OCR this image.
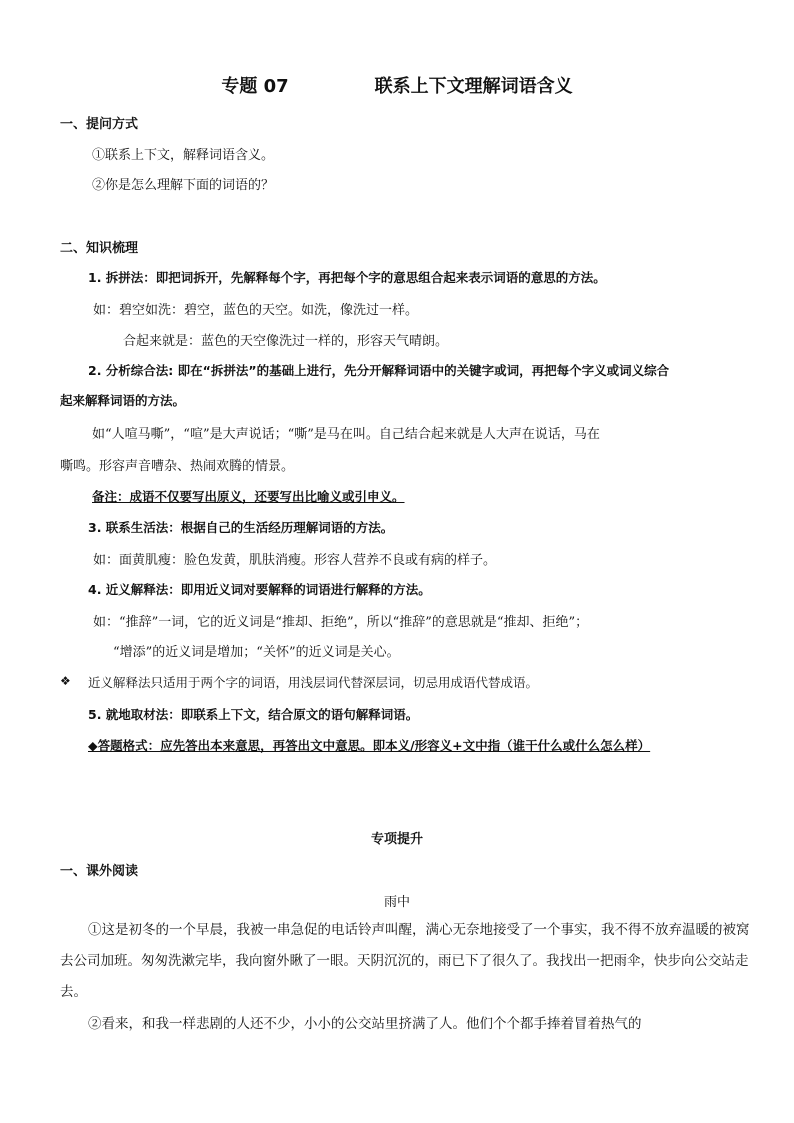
专题 07	联系上下文理解词语含义
一、提问方式
①联系上下文，解释词语含义。
②你是怎么理解下面的词语的？
二、知识梳理
1. 拆拼法：即把词拆开，先解释每个字，再把每个字的意思组合起来表示词语的意思的方法。
如：碧空如洗：碧空，蓝色的天空。如洗，像洗过一样。
合起来就是：蓝色的天空像洗过一样的，形容天气晴朗。
2. 分析综合法: 即在“拆拼法”的基础上进行，先分开解释词语中的关键字或词，再把每个字义或词义综合
起来解释词语的方法。
如“人喧马嘶”，“喧”是大声说话；“嘶”是马在叫。自己结合起来就是人大声在说话，马在
嘶鸣。形容声音嘈杂、热闹欢腾的情景。
备注：成语不仅要写出原义，还要写出比喻义或引申义。
3. 联系生活法：根据自己的生活经历理解词语的方法。
如：面黄肌瘦：脸色发黄，肌肤消瘦。形容人营养不良或有病的样子。
4. 近义解释法：即用近义词对要解释的词语进行解释的方法。
如：“推辞”一词，它的近义词是“推却、拒绝”，所以“推辞”的意思就是“推却、拒绝”；
“增添”的近义词是增加；“关怀”的近义词是关心。
❖ 近义解释法只适用于两个字的词语，用浅层词代替深层词，切忌用成语代替成语。
5. 就地取材法：即联系上下文，结合原文的语句解释词语。
◆答题格式：应先答出本来意思，再答出文中意思。即本义/形容义+文中指（谁干什么或什么怎么样）
专项提升
一、课外阅读
雨中
①这是初冬的一个早晨，我被一串急促的电话铃声叫醒，满心无奈地接受了一个事实，我不得不放弃温暖的被窝去公司加班。匆匆洗漱完毕，我向窗外瞅了一眼。天阴沉沉的，雨已下了很久了。我找出一把雨伞，快步向公交站走去。
②看来，和我一样悲剧的人还不少，小小的公交站里挤满了人。他们个个都手捧着冒着热气的
